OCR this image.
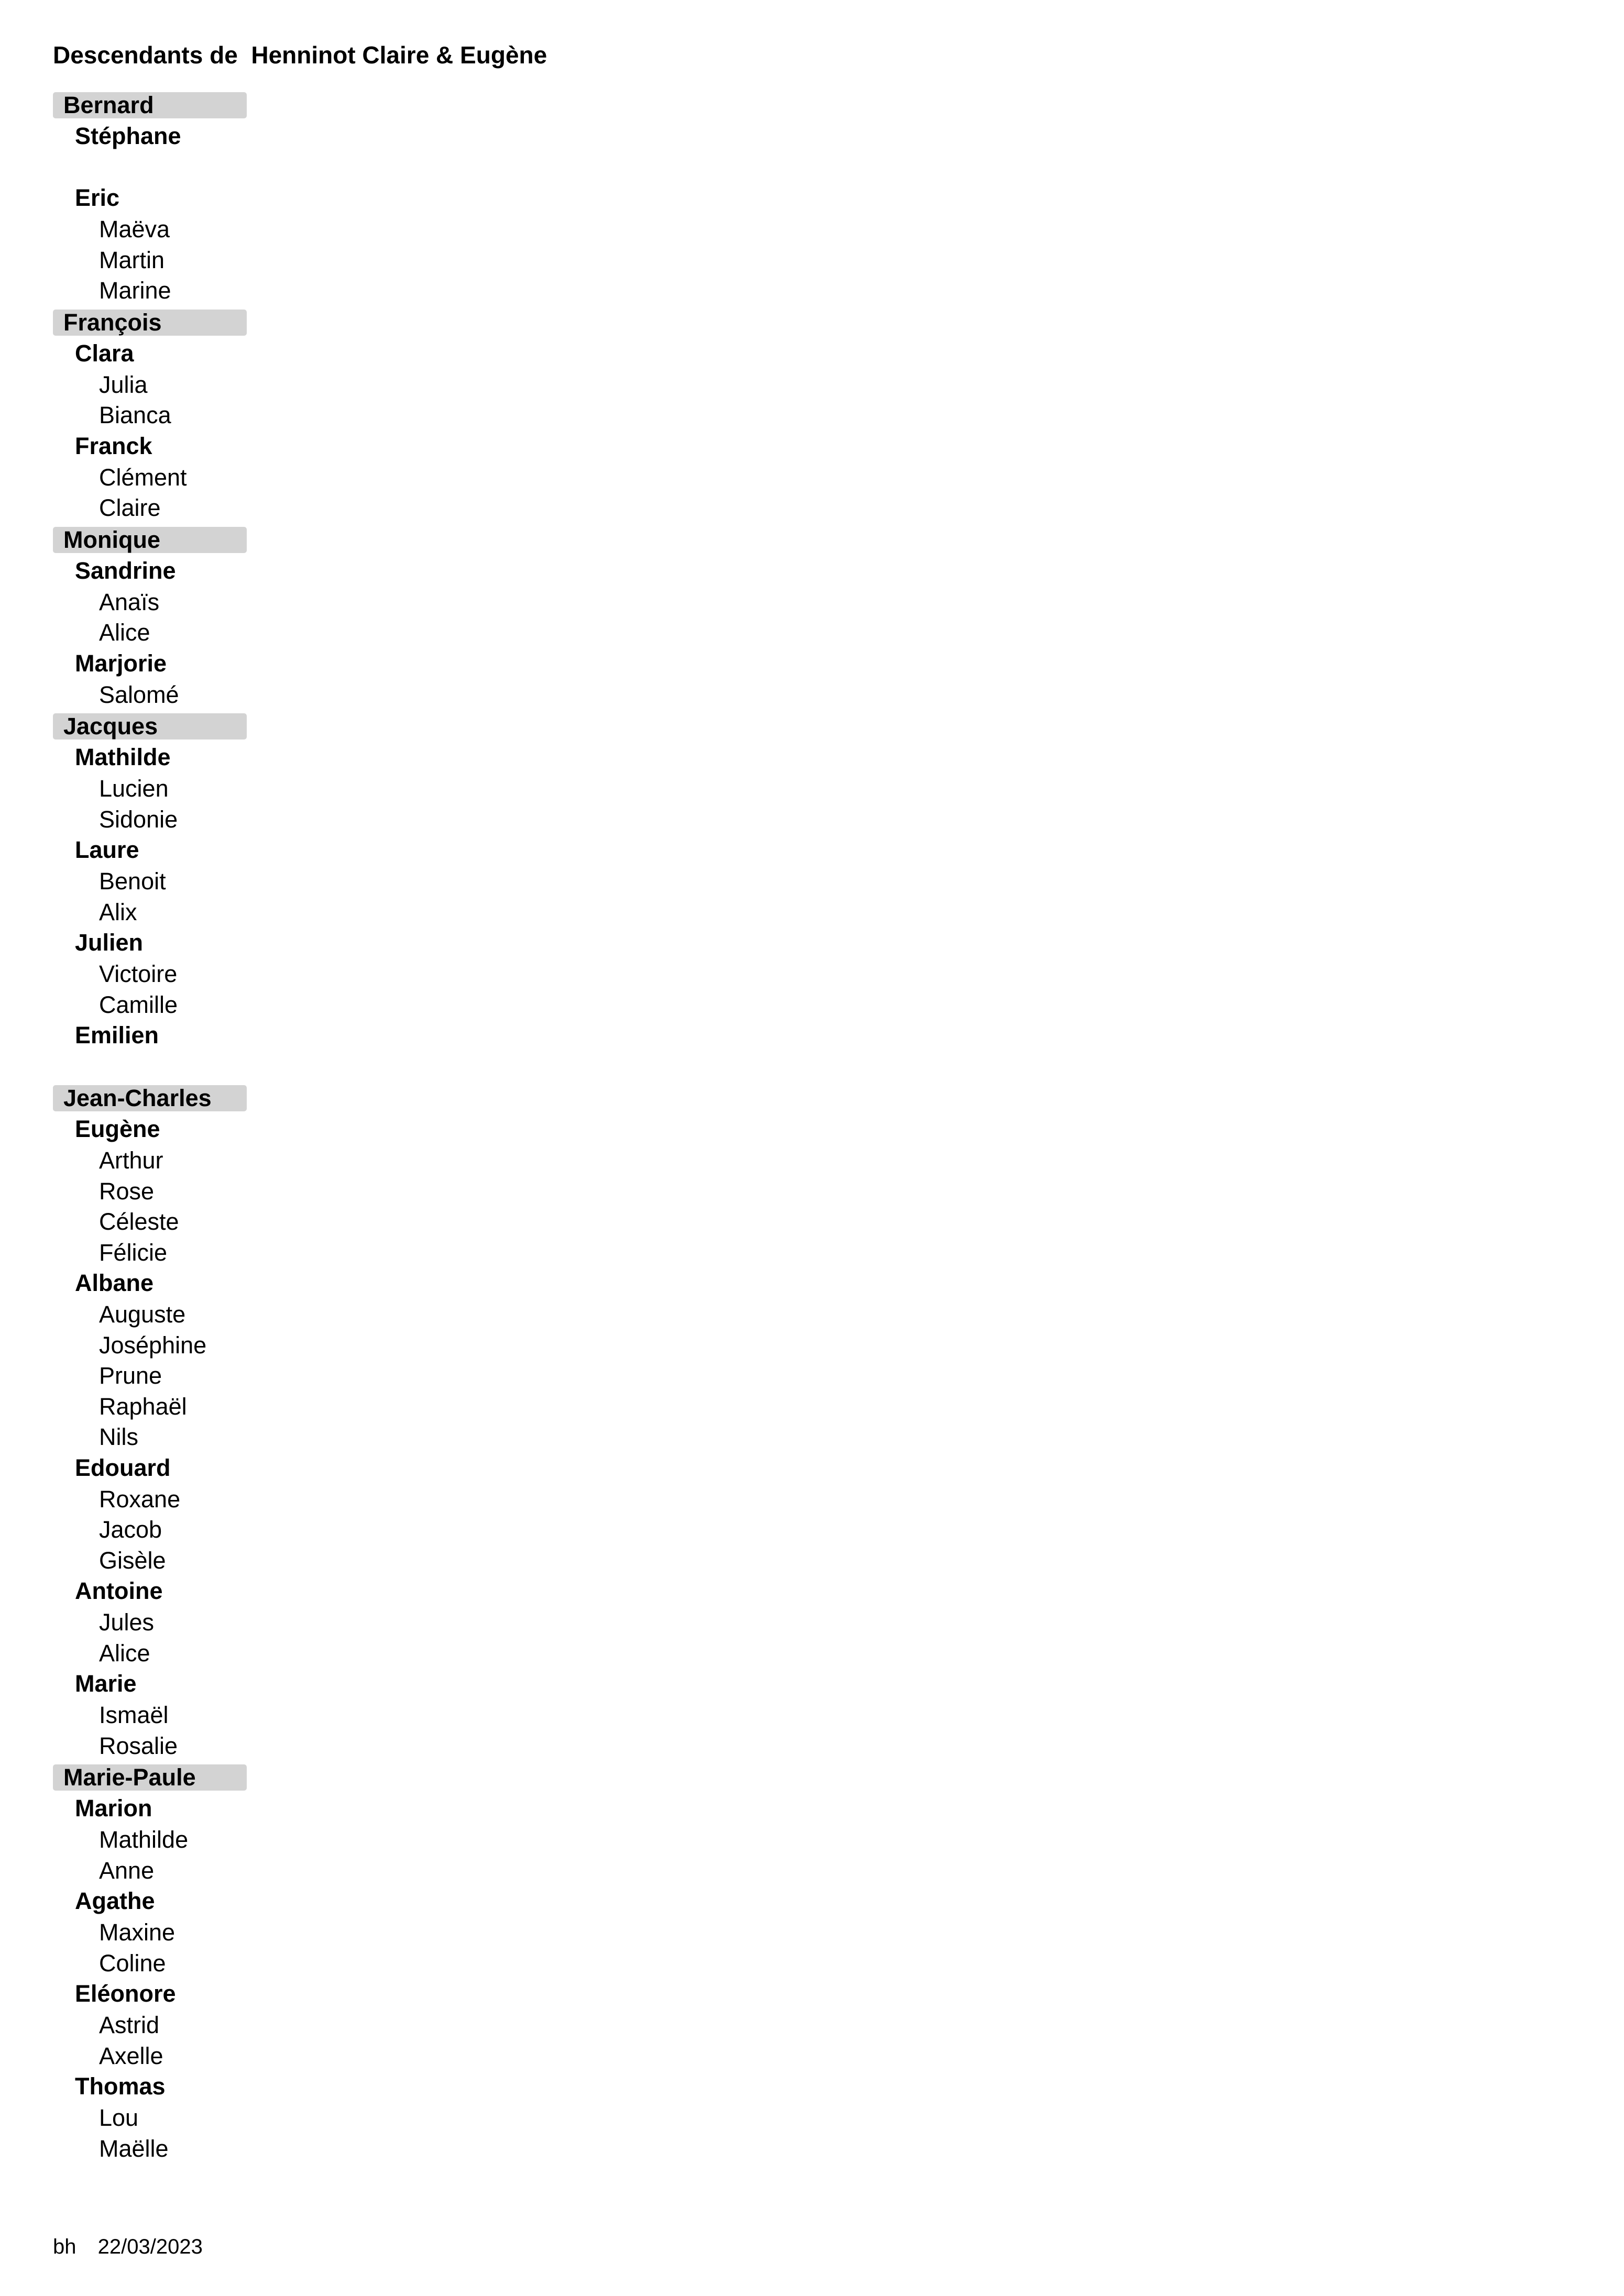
Descendants de  Henninot Claire & Eugène
Bernard
Stéphane
Eric
Maëva
Martin
Marine
François
Clara
Julia
Bianca
Franck
Clément
Claire
Monique
Sandrine
Anaïs
Alice
Marjorie
Salomé
Jacques
Mathilde
Lucien
Sidonie
Laure
Benoit
Alix
Julien
Victoire
Camille
Emilien
Jean-Charles
Eugène
Arthur
Rose
Céleste
Félicie
Albane
Auguste
Joséphine
Prune
Raphaël
Nils
Edouard
Roxane
Jacob
Gisèle
Antoine
Jules
Alice
Marie
Ismaël
Rosalie
Marie-Paule
Marion
Mathilde
Anne
Agathe
Maxine
Coline
Eléonore
Astrid
Axelle
Thomas
Lou
Maëlle
bh 22/03/2023
